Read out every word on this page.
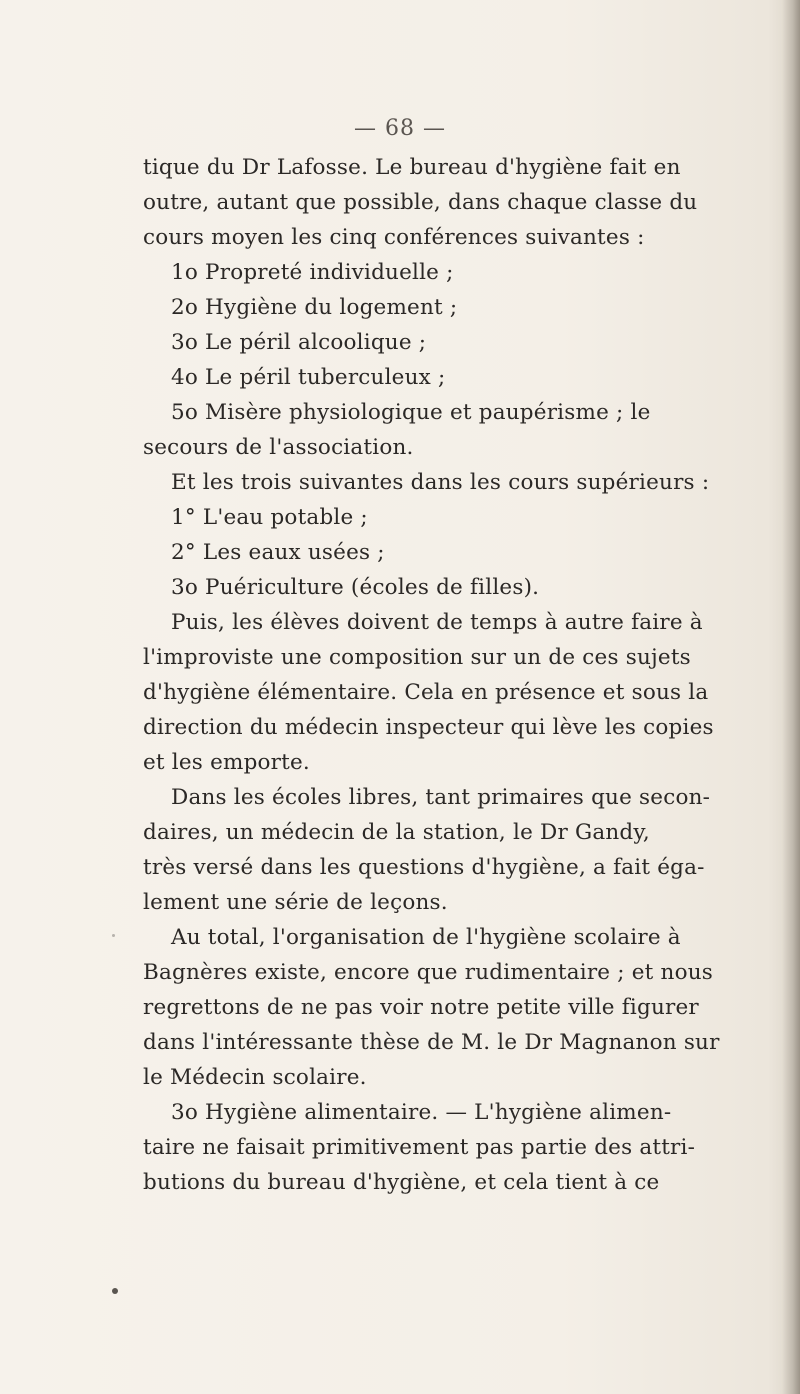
— 68 —
tique du Dr Lafosse. Le bureau d'hygiène fait en
outre, autant que possible, dans chaque classe du
cours moyen les cinq conférences suivantes :
1o Propreté individuelle ;
2o Hygiène du logement ;
3o Le péril alcoolique ;
4o Le péril tuberculeux ;
5o Misère physiologique et paupérisme ; le
secours de l'association.
Et les trois suivantes dans les cours supérieurs :
1° L'eau potable ;
2° Les eaux usées ;
3o Puériculture (écoles de filles).
Puis, les élèves doivent de temps à autre faire à
l'improviste une composition sur un de ces sujets
d'hygiène élémentaire. Cela en présence et sous la
direction du médecin inspecteur qui lève les copies
et les emporte.
Dans les écoles libres, tant primaires que secon-
daires, un médecin de la station, le Dr Gandy,
très versé dans les questions d'hygiène, a fait éga-
lement une série de leçons.
Au total, l'organisation de l'hygiène scolaire à
Bagnères existe, encore que rudimentaire ; et nous
regrettons de ne pas voir notre petite ville figurer
dans l'intéressante thèse de M. le Dr Magnanon sur
le Médecin scolaire.
3o Hygiène alimentaire. — L'hygiène alimen-
taire ne faisait primitivement pas partie des attri-
butions du bureau d'hygiène, et cela tient à ce
